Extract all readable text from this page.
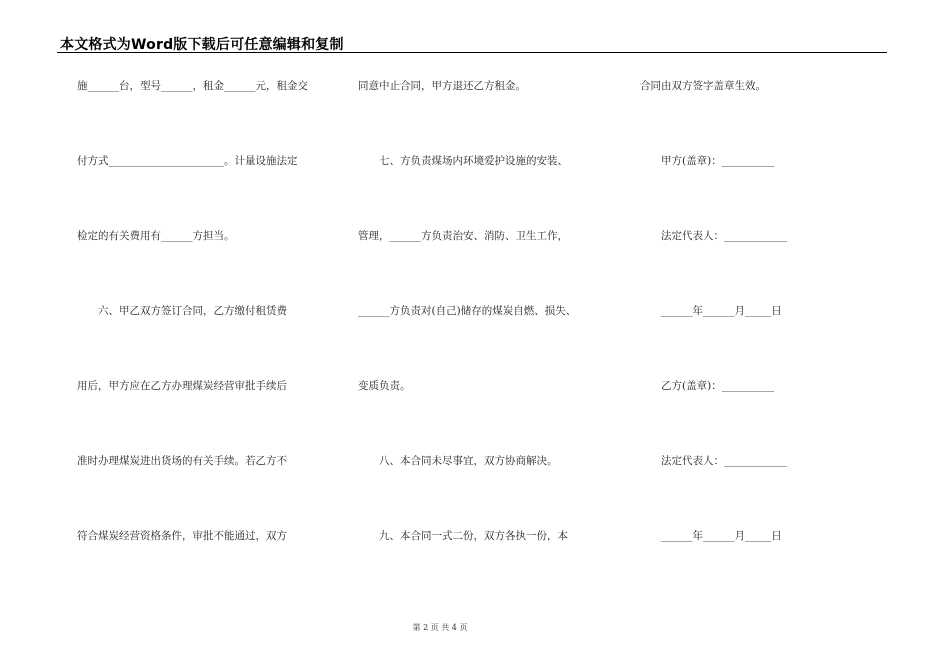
本文格式为Word版下载后可任意编辑和复制
施______台，型号______，租金______元，租金交
付方式______________________。计量设施法定
检定的有关费用有______方担当。
　　六、甲乙双方签订合同，乙方缴付租赁费
用后，甲方应在乙方办理煤炭经营审批手续后
准时办理煤炭进出货场的有关手续。若乙方不
符合煤炭经营资格条件，审批不能通过，双方
同意中止合同，甲方退还乙方租金。
　　七、方负责煤场内环境爱护设施的安装、
管理，______方负责治安、消防、卫生工作，
______方负责对(自己)储存的煤炭自燃、损失、
变质负责。
　　八、本合同未尽事宜，双方协商解决。
　　九、本合同一式二份，双方各执一份，本
合同由双方签字盖章生效。
　　甲方(盖章)：__________
　　法定代表人：____________
　　______年______月_____日
　　乙方(盖章)：__________
　　法定代表人：____________
　　______年______月_____日
第 2 页 共 4 页
